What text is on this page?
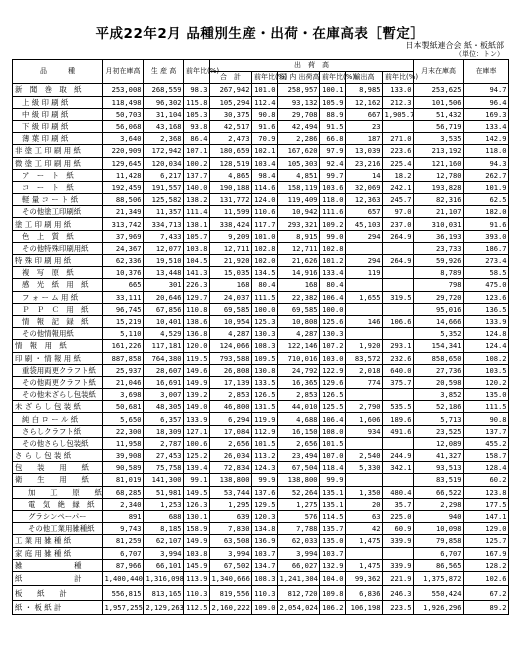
平成22年2月 品種別生産・出荷・在庫高表［暫定］
日本製紙連合会 紙・板紙部
（単位：トン）
品　　　種	月初在庫高	生 産 高	前年比(%)	出　荷　高						月末在庫高	在庫率
				合　計	前年比(%)	国 内 出荷高	前年比(%)	輸出高	前年比(%)		

新　聞　巻　取　紙	253,008	268,559	98.3	267,942	101.0	258,957	100.1	8,985	133.0	253,625	94.7
上 級 印 刷 紙	118,498	96,302	115.8	105,294	112.4	93,132	105.9	12,162	212.3	101,506	96.4
中 級 印 刷 紙	50,703	31,104	105.3	30,375	90.8	29,708	88.9	667	1,905.7	51,432	169.3
下 級 印 刷 紙	56,068	43,168	93.8	42,517	91.6	42,494	91.5	23		56,719	133.4
薄 葉 印 刷 紙	3,640	2,368	86.4	2,473	70.9	2,286	66.8	187	271.0	3,535	142.9
非 塗 工 印 刷 用 紙	220,909	172,942	107.1	180,659	102.1	167,620	97.9	13,039	223.6	213,192	118.0
微 塗 工 印 刷 用 紙	129,645	120,034	100.2	128,519	103.4	105,303	92.4	23,216	225.4	121,160	94.3
ア　ー　ト　紙	11,428	6,217	137.7	4,865	98.4	4,851	99.7	14	18.2	12,780	262.7
コ　ー　ト　紙	192,459	191,557	140.0	190,188	114.6	158,119	103.6	32,069	242.1	193,828	101.9
軽 量 コ ー ト 紙	88,506	125,582	138.2	131,772	124.0	119,409	118.0	12,363	245.7	82,316	62.5
その他塗工印刷紙	21,349	11,357	111.4	11,599	110.6	10,942	111.6	657	97.0	21,107	182.0
塗 工 印 刷 用 紙	313,742	334,713	138.1	338,424	117.7	293,321	109.2	45,103	237.0	310,031	91.6
色　上　質　紙	37,969	7,433	105.7	9,209	101.0	8,915	99.0	294	264.9	36,193	393.0
その他特殊印刷用紙	24,367	12,077	103.8	12,711	102.8	12,711	102.8			23,733	186.7
特 殊 印 刷 用 紙	62,336	19,510	104.5	21,920	102.0	21,626	101.2	294	264.9	59,926	273.4
複　写　原　紙	10,376	13,448	141.3	15,035	134.5	14,916	133.4	119		8,789	58.5
感　光　紙　用　紙	665	301	226.3	168	80.4	168	80.4			798	475.0
フ ォ ー ム 用 紙	33,111	20,646	129.7	24,037	111.5	22,382	106.4	1,655	319.5	29,720	123.6
Ｐ　Ｐ　Ｃ　用　紙	96,745	67,856	110.8	69,585	100.0	69,585	100.0			95,016	136.5
情　報　記　録　紙	15,219	10,401	138.6	10,954	125.3	10,808	125.6	146	106.6	14,666	133.9
その他情報用紙	5,110	4,529	136.8	4,287	130.3	4,287	130.3			5,352	124.8
情　報　用　紙	161,226	117,181	120.0	124,066	108.3	122,146	107.2	1,920	293.1	154,341	124.4
印 刷 ・ 情 報 用 紙	887,858	764,380	119.5	793,588	109.5	710,016	103.0	83,572	232.6	858,650	108.2
重袋用両更クラフト紙	25,937	28,607	149.6	26,808	130.8	24,792	122.9	2,018	640.0	27,736	103.5
その他両更クラフト紙	21,046	16,691	149.9	17,139	133.5	16,365	129.6	774	375.7	20,598	120.2
その他未ざらし包装紙	3,698	3,007	139.2	2,853	126.5	2,853	126.5			3,852	135.0
未 ざ ら し 包 装 紙	50,681	48,305	149.0	46,800	131.5	44,010	125.5	2,790	535.5	52,186	111.5
純 白 ロ ー ル 紙	5,650	6,357	133.9	6,294	119.9	4,688	106.4	1,606	189.6	5,713	90.8
さらしクラフト紙	22,300	18,309	127.1	17,084	112.9	16,150	108.0	934	491.6	23,525	137.7
その他さらし包装紙	11,958	2,787	100.6	2,656	101.5	2,656	101.5			12,089	455.2
さ ら し 包 装 紙	39,908	27,453	125.2	26,034	113.2	23,494	107.0	2,540	244.9	41,327	158.7
包　　装　　用　　紙	90,589	75,758	139.4	72,834	124.3	67,504	118.4	5,330	342.1	93,513	128.4
衛　　生　　用　　紙	81,019	141,300	99.1	138,800	99.9	138,800	99.9			83,519	60.2
加　　工　　原　　紙	68,285	51,981	149.5	53,744	137.6	52,264	135.1	1,350	480.4	66,522	123.8
電　気　絶　縁　紙	2,340	1,253	126.3	1,295	129.5	1,275	135.1	20	35.7	2,298	177.5
グラシンペーパー	891	688	130.1	639	120.3	576	114.5	63	225.0	940	147.1
その他工業用雑種紙	9,743	8,185	158.9	7,830	134.8	7,788	135.7	42	60.9	10,098	129.0
工 業 用 雑 種 紙	81,259	62,107	149.9	63,508	136.9	62,033	135.0	1,475	339.9	79,858	125.7
家 庭 用 雑 種 紙	6,707	3,994	103.8	3,994	103.7	3,994	103.7			6,707	167.9
雑　　　　　　　種	87,966	66,101	145.9	67,502	134.7	66,027	132.9	1,475	339.9	86,565	128.2
紙　　　　　　　計	1,400,440	1,316,098	113.9	1,340,666	108.3	1,241,304	104.0	99,362	221.9	1,375,872	102.6
板　　紙　　計	556,815	813,165	110.3	819,556	110.3	812,720	109.8	6,836	246.3	550,424	67.2
紙 ・ 板 紙 計	1,957,255	2,129,263	112.5	2,160,222	109.0	2,054,024	106.2	106,198	223.5	1,926,296	89.2
